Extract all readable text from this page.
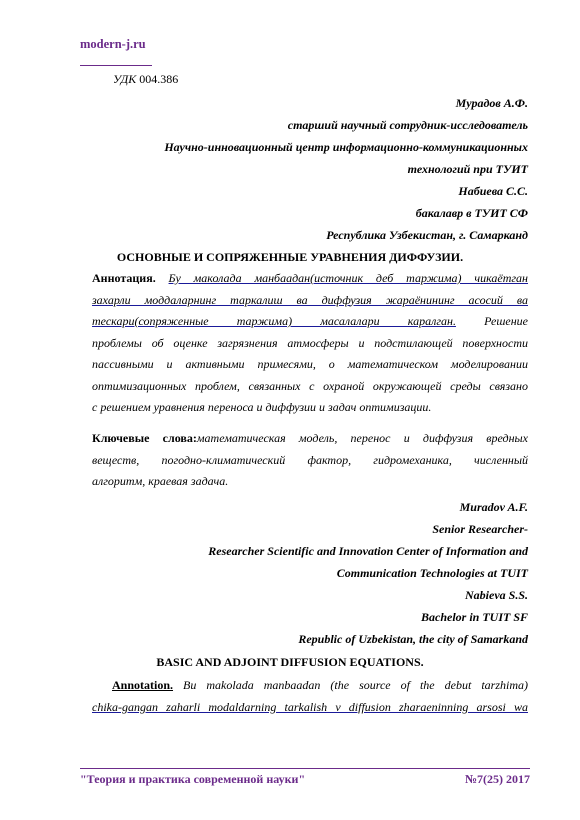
modern-j.ru
УДК 004.386
Мурадов А.Ф.
старший научный сотрудник-исследователь
Научно-инновационный центр информационно-коммуникационных
технологий при ТУИТ
Набиева С.С.
бакалавр в ТУИТ СФ
Республика Узбекистан, г. Самарканд
ОСНОВНЫЕ И СОПРЯЖЕННЫЕ УРАВНЕНИЯ ДИФФУЗИИ.
Аннотация. Бу маколада манбаадан(источник деб таржима) чикаётган
захарли моддаларнинг таркалиш ва диффузия жараёнининг асосий ва
тескари(сопряженные таржима) масалалари каралган. Решение
проблемы об оценке загрязнения атмосферы и подстилающей поверхности
пассивными и активными примесями, о математическом моделировании
оптимизационных проблем, связанных с охраной окружающей среды связано
с решением уравнения переноса и диффузии и задач оптимизации.
Ключевые слова:математическая модель, перенос и диффузия вредных
веществ, погодно-климатический фактор, гидромеханика, численный
алгоритм, краевая задача.
Muradov A.F.
Senior Researcher-
Researcher Scientific and Innovation Center of Information and
Communication Technologies at TUIT
Nabieva S.S.
Bachelor in TUIT SF
Republic of Uzbekistan, the city of Samarkand
BASIC AND ADJOINT DIFFUSION EQUATIONS.
Annotation. Bu makolada manbaadan (the source of the debut tarzhima)
chika-gangan zaharli modaldarning tarkalish v diffusion zharaeninning arsosi wa
"Теория и практика современной науки"	№7(25) 2017
